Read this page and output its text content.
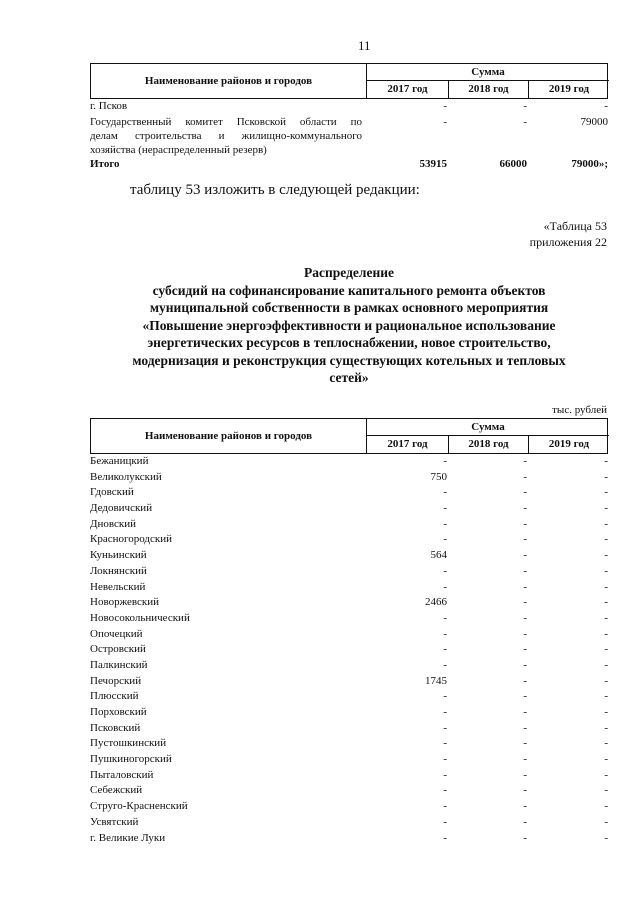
11
Наименование районов и городов
Сумма
2017 год	2018 год	2019 год
г. Псков	-	-	-
Государственный комитет Псковской области по
делам строительства и жилищно-коммунального
хозяйства (нераспределенный резерв)
-	-	79000
Итого	53915	66000	79000»;
таблицу 53 изложить в следующей редакции:
«Таблица 53
приложения 22
Распределение
субсидий на софинансирование капитального ремонта объектов
муниципальной собственности в рамках основного мероприятия
«Повышение энергоэффективности и рациональное использование
энергетических ресурсов в теплоснабжении, новое строительство,
модернизация и реконструкция существующих котельных и тепловых
сетей»
тыс. рублей
Наименование районов и городов
Сумма
2017 год	2018 год	2019 год
Бежаницкий	-	-	-
Великолукский	750	-	-
Гдовский	-	-	-
Дедовичский	-	-	-
Дновский	-	-	-
Красногородский	-	-	-
Куньинский	564	-	-
Локнянский	-	-	-
Невельский	-	-	-
Новоржевский	2466	-	-
Новосокольнический	-	-	-
Опочецкий	-	-	-
Островский	-	-	-
Палкинский	-	-	-
Печорский	1745	-	-
Плюсский	-	-	-
Порховский	-	-	-
Псковский	-	-	-
Пустошкинский	-	-	-
Пушкиногорский	-	-	-
Пыталовский	-	-	-
Себежский	-	-	-
Струго-Красненский	-	-	-
Усвятский	-	-	-
г. Великие Луки	-	-	-
